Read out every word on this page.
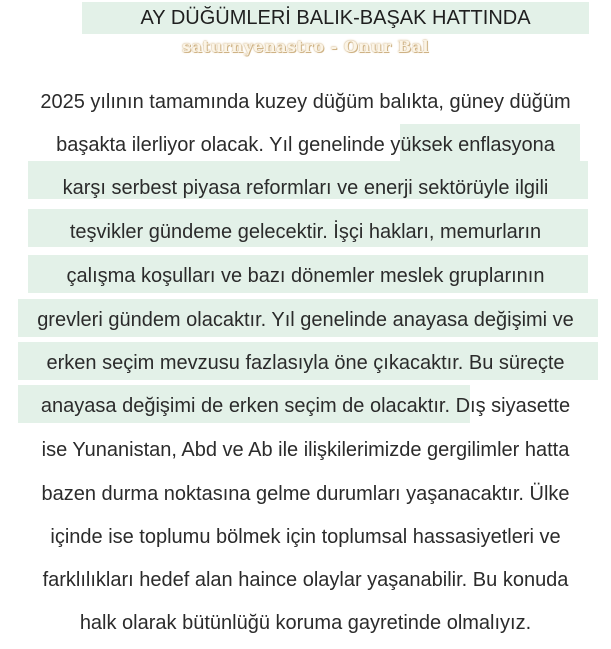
AY DÜĞÜMLERİ BALIK-BAŞAK HATTINDA
saturnyenastro - Onur Bal
2025 yılının tamamında kuzey düğüm balıkta, güney düğüm
başakta ilerliyor olacak. Yıl genelinde yüksek enflasyona
karşı serbest piyasa reformları ve enerji sektörüyle ilgili
teşvikler gündeme gelecektir. İşçi hakları, memurların
çalışma koşulları ve bazı dönemler meslek gruplarının
grevleri gündem olacaktır. Yıl genelinde anayasa değişimi ve
erken seçim mevzusu fazlasıyla öne çıkacaktır. Bu süreçte
anayasa değişimi de erken seçim de olacaktır. Dış siyasette
ise Yunanistan, Abd ve Ab ile ilişkilerimizde gergilimler hatta
bazen durma noktasına gelme durumları yaşanacaktır. Ülke
içinde ise toplumu bölmek için toplumsal hassasiyetleri ve
farklılıkları hedef alan haince olaylar yaşanabilir. Bu konuda
halk olarak bütünlüğü koruma gayretinde olmalıyız.
